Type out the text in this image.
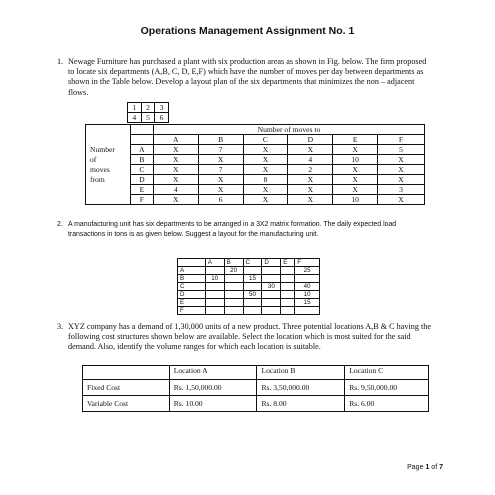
Operations Management Assignment No. 1
1. Newage Furniture has purchased a plant with six production areas as shown in Fig. below. The firm proposed to locate six departments (A,B, C, D, E,F) which have the number of moves per day between departments as shown in the Table below. Develop a layout plan of the six departments that minimizes the non – adjacent flows.
1	2	3
4	5	6
Number
of
moves
from		Number of moves to					
		A	B	C	D	E	F
	A	X	7	X	X	X	5
	B	X	X	X	4	10	X
	C	X	7	X	2	X	X
	D	X	X	8	X	X	X
	E	4	X	X	X	X	3
	F	X	6	X	X	10	X
2. A manufacturing unit has six departments to be arranged in a 3X2 matrix formation. The daily expected load transactions in tons is as given below. Suggest a layout for the manufacturing unit.
	A	B	C	D	E	F
A		20				25
B	10		15			
C				30		40
D			50			10
E						15
F						
3. XYZ company has a demand of 1,30,000 units of a new product. Three potential locations A,B & C having the following cost structures shown below are available. Select the location which is most suited for the said demand. Also, identify the volume ranges for which each location is suitable.
	Location A	Location B	Location C
Fixed Cost	Rs. 1,50,000.00	Rs. 3,50,000.00	Rs. 9,50,000.00
Variable Cost	Rs. 10.00	Rs. 8.00	Rs. 6.00
Page 1 of 7
